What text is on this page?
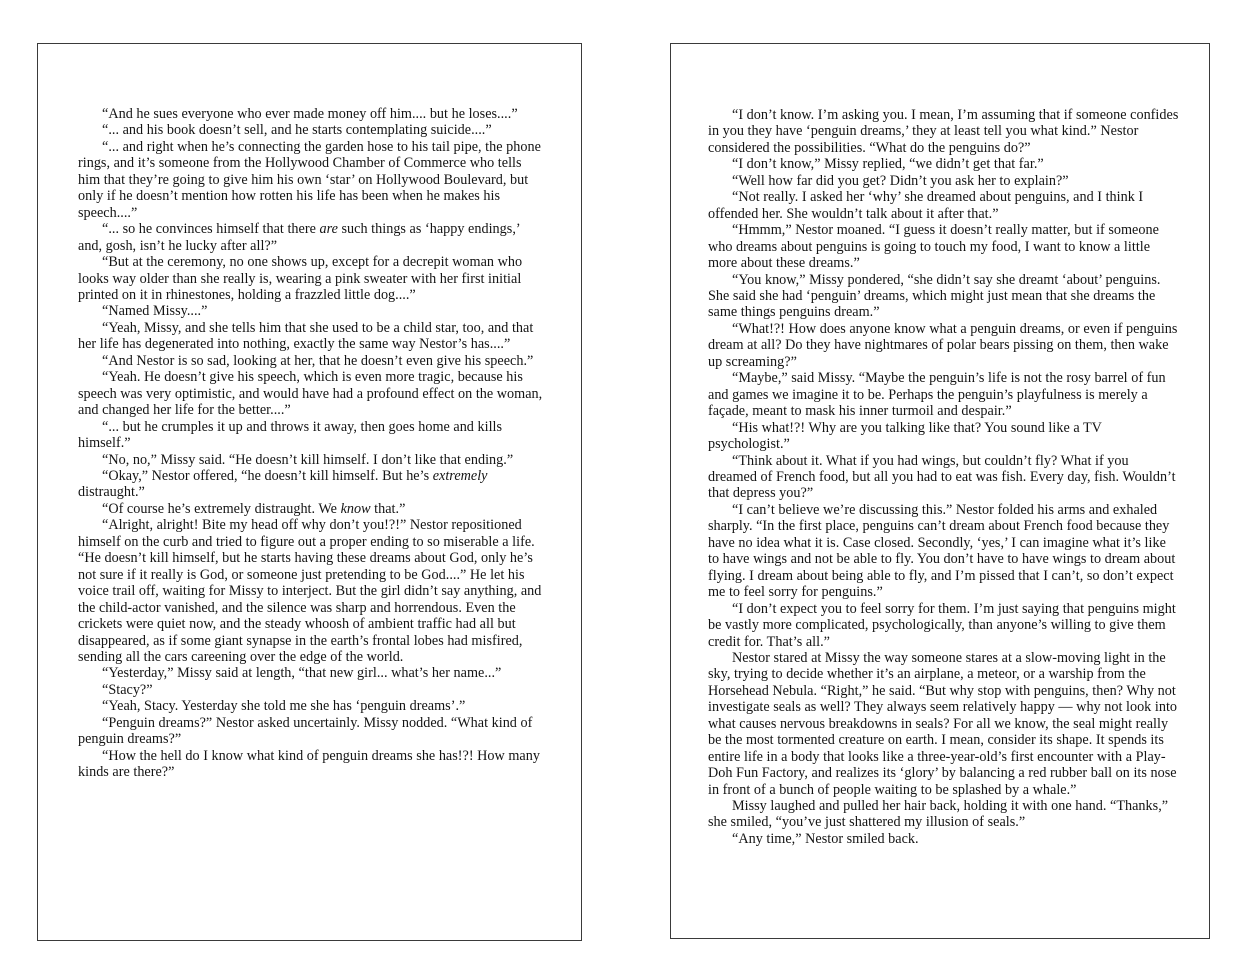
“And he sues everyone who ever made money off him.... but he loses....”

“... and his book doesn’t sell, and he starts contemplating suicide....”

“... and right when he’s connecting the garden hose to his tail pipe, the phone rings, and it’s someone from the Hollywood Chamber of Commerce who tells him that they’re going to give him his own ‘star’ on Hollywood Boulevard, but only if he doesn’t mention how rotten his life has been when he makes his speech....”

“... so he convinces himself that there are such things as ‘happy endings,’ and, gosh, isn’t he lucky after all?”

“But at the ceremony, no one shows up, except for a decrepit woman who looks way older than she really is, wearing a pink sweater with her first initial printed on it in rhinestones, holding a frazzled little dog....”

“Named Missy....”

“Yeah, Missy, and she tells him that she used to be a child star, too, and that her life has degenerated into nothing, exactly the same way Nestor’s has....”

“And Nestor is so sad, looking at her, that he doesn’t even give his speech.”

“Yeah. He doesn’t give his speech, which is even more tragic, because his speech was very optimistic, and would have had a profound effect on the woman, and changed her life for the better....”

“... but he crumples it up and throws it away, then goes home and kills himself.”

“No, no,” Missy said. “He doesn’t kill himself. I don’t like that ending.”

“Okay,” Nestor offered, “he doesn’t kill himself. But he’s extremely distraught.”

“Of course he’s extremely distraught. We know that.”

“Alright, alright! Bite my head off why don’t you!?!” Nestor repositioned himself on the curb and tried to figure out a proper ending to so miserable a life. “He doesn’t kill himself, but he starts having these dreams about God, only he’s not sure if it really is God, or someone just pretending to be God....” He let his voice trail off, waiting for Missy to interject. But the girl didn’t say anything, and the child-actor vanished, and the silence was sharp and horrendous. Even the crickets were quiet now, and the steady whoosh of ambient traffic had all but disappeared, as if some giant synapse in the earth’s frontal lobes had misfired, sending all the cars careening over the edge of the world.

“Yesterday,” Missy said at length, “that new girl... what’s her name...”

“Stacy?”

“Yeah, Stacy. Yesterday she told me she has ‘penguin dreams’.”

“Penguin dreams?” Nestor asked uncertainly. Missy nodded. “What kind of penguin dreams?”

“How the hell do I know what kind of penguin dreams she has!?! How many kinds are there?”

“I don’t know. I’m asking you. I mean, I’m assuming that if someone confides in you they have ‘penguin dreams,’ they at least tell you what kind.” Nestor considered the possibilities. “What do the penguins do?”

“I don’t know,” Missy replied, “we didn’t get that far.”

“Well how far did you get? Didn’t you ask her to explain?”

“Not really. I asked her ‘why’ she dreamed about penguins, and I think I offended her. She wouldn’t talk about it after that.”

“Hmmm,” Nestor moaned. “I guess it doesn’t really matter, but if someone who dreams about penguins is going to touch my food, I want to know a little more about these dreams.”

“You know,” Missy pondered, “she didn’t say she dreamt ‘about’ penguins. She said she had ‘penguin’ dreams, which might just mean that she dreams the same things penguins dream.”

“What!?! How does anyone know what a penguin dreams, or even if penguins dream at all? Do they have nightmares of polar bears pissing on them, then wake up screaming?”

“Maybe,” said Missy. “Maybe the penguin’s life is not the rosy barrel of fun and games we imagine it to be. Perhaps the penguin’s playfulness is merely a façade, meant to mask his inner turmoil and despair.”

“His what!?! Why are you talking like that? You sound like a TV psychologist.”

“Think about it. What if you had wings, but couldn’t fly? What if you dreamed of French food, but all you had to eat was fish. Every day, fish. Wouldn’t that depress you?”

“I can’t believe we’re discussing this.” Nestor folded his arms and exhaled sharply. “In the first place, penguins can’t dream about French food because they have no idea what it is. Case closed. Secondly, ‘yes,’ I can imagine what it’s like to have wings and not be able to fly. You don’t have to have wings to dream about flying. I dream about being able to fly, and I’m pissed that I can’t, so don’t expect me to feel sorry for penguins.”

“I don’t expect you to feel sorry for them. I’m just saying that penguins might be vastly more complicated, psychologically, than anyone’s willing to give them credit for. That’s all.”

Nestor stared at Missy the way someone stares at a slow-moving light in the sky, trying to decide whether it’s an airplane, a meteor, or a warship from the Horsehead Nebula. “Right,” he said. “But why stop with penguins, then? Why not investigate seals as well? They always seem relatively happy — why not look into what causes nervous breakdowns in seals? For all we know, the seal might really be the most tormented creature on earth. I mean, consider its shape. It spends its entire life in a body that looks like a three-year-old’s first encounter with a Play-Doh Fun Factory, and realizes its ‘glory’ by balancing a red rubber ball on its nose in front of a bunch of people waiting to be splashed by a whale.”

Missy laughed and pulled her hair back, holding it with one hand. “Thanks,” she smiled, “you’ve just shattered my illusion of seals.”

“Any time,” Nestor smiled back.
